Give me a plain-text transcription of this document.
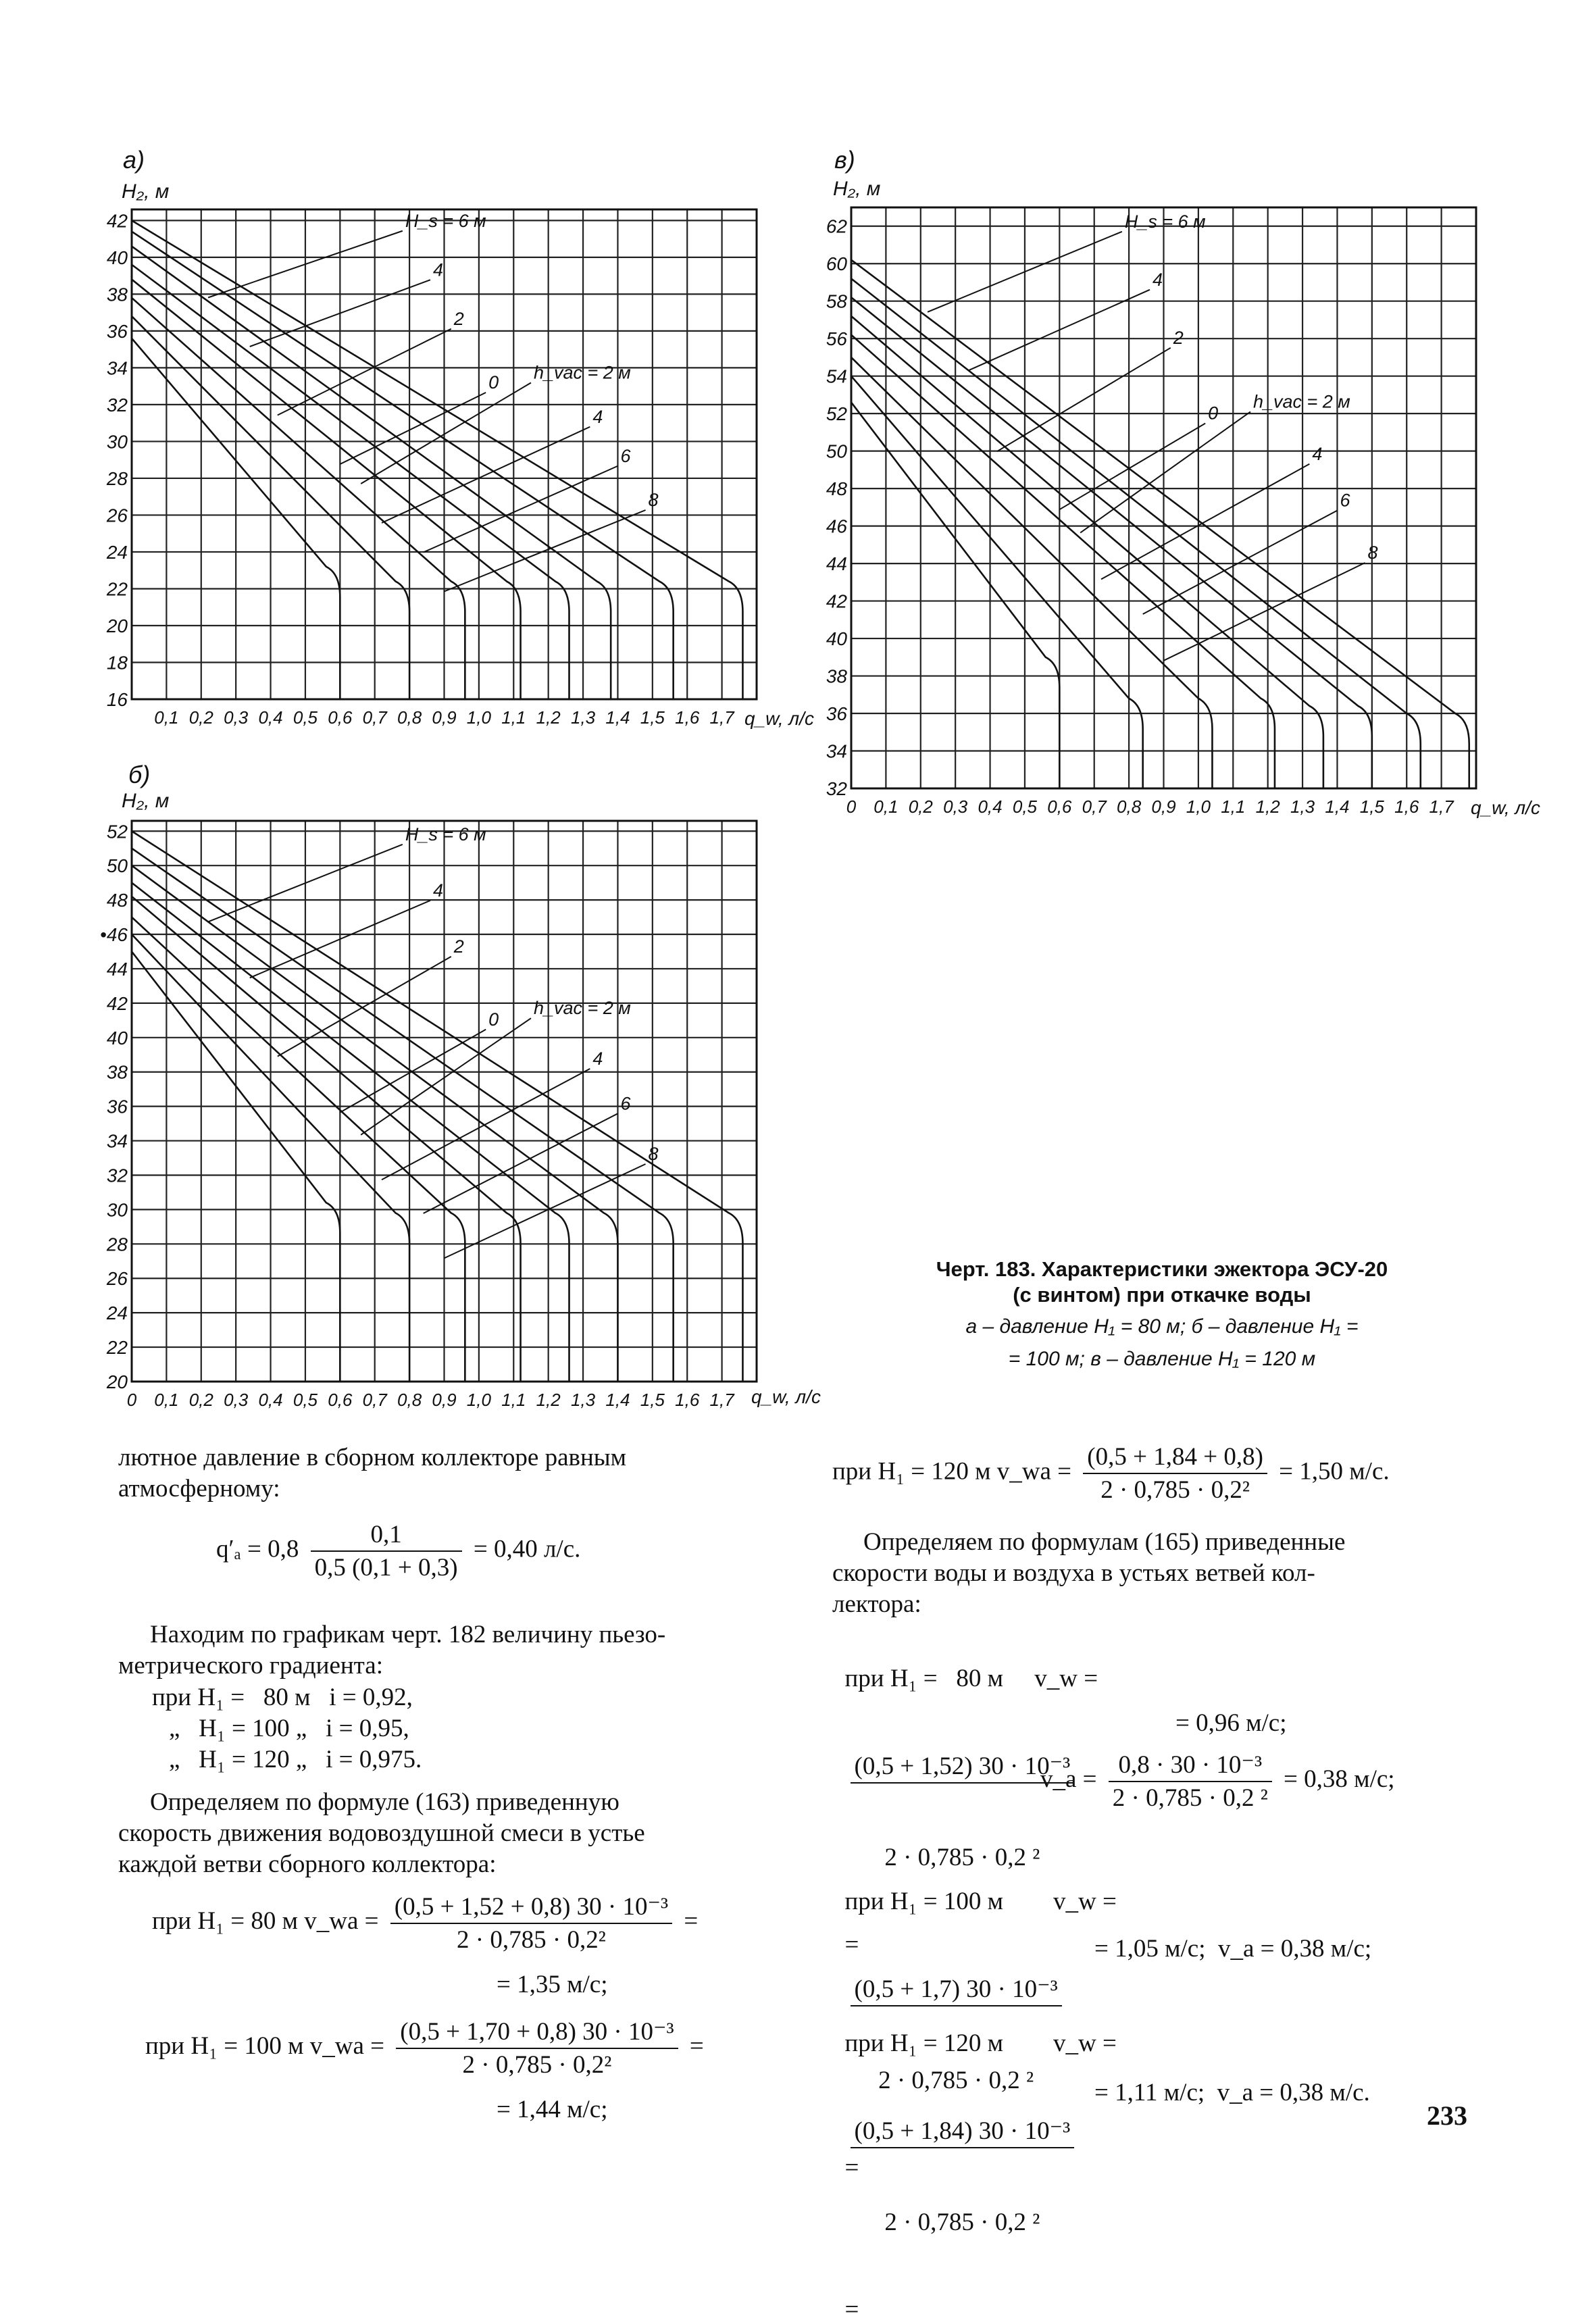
а)
H₂, м
q_w, л/с
16
18
20
22
24
26
28
30
32
34
36
38
40
42
0,1 0,2 0,3 0,4 0,5 0,6 0,7 0,8 0,9 1,0 1,1 1,2 1,3 1,4 1,5 1,6 1,7
H_s = 6 м
4
2
0 h_vac = 2 м
4
6
8
б)
H₂, м
q_w, л/с
20
22
24
26
28
30
32
34
36
38
40
42
44
•46
48
50
52
0 0,1 0,2 0,3 0,4 0,5 0,6 0,7 0,8 0,9 1,0 1,1 1,2 1,3 1,4 1,5 1,6 1,7
H_s = 6 м
4
2
0
h_vac = 2 м
4
6
8
в)
H₂, м
q_w, л/с
32
34
36
38
40
42
44
46
48
50
52
54
56
58
60
62
0 0,1 0,2 0,3 0,4 0,5 0,6 0,7 0,8 0,9 1,0 1,1 1,2 1,3 1,4 1,5 1,6 1,7
H_s = 6 м
4
2
0
h_vac = 2 м
4
6
8
Черт. 183. Характеристики эжектора ЭСУ-20
(с винтом) при откачке воды
а – давление H₁ = 80 м; б – давление H₁ =
= 100 м; в – давление H₁ = 120 м
лютное давление в сборном коллекторе равным
атмосферному:
$q'_a = 0,8 \frac{0,1}{0,5 (0,1 + 0,3)} = 0,40$ л/с.
Находим по графикам черт. 182 величину пьезо-
метрического градиента:
при H₁ =   80 м   i = 0,92,
„   H₁ = 100 „   i = 0,95,
„   H₁ = 120 „   i = 0,975.
Определяем по формуле (163) приведенную
скорость движения водовоздушной смеси в устье
каждой ветви сборного коллектора:
при H₁ = 80 м v_wa = $\frac{\text{(0,5 + 1,52 + 0,8) 30 · 10⁻³}}{\text{2 · 0,785 · 0,2²}}$ =
= 1,35 м/с;
при H₁ = 100 м v_wa = $\frac{\text{(0,5 + 1,70 + 0,8) 30 · 10⁻³}}{\text{2 · 0,785 · 0,2²}}$ =
= 1,44 м/с;
при H₁ = 120 м v_wa = $\frac{(0,5 + 1,84 + 0,8)}{\text{2 · 0,785 · 0,2²}} = 1,50$ м/с.
Определяем по формулам (165) приведенные
скорости воды и воздуха в устьях ветвей кол-
лектора:

при H₁ =   80 м     v_w =

$\frac{\text{(0,5 + 1,52) 30 · 10⁻³}}{\text{2 · 0,785 · 0,2 ²}}$

=

= 0,96 м/с;
v_a = $\frac{\text{0,8 · 30 · 10⁻³}}{\text{2 · 0,785 · 0,2 ²}} = 0,38$ м/с;

при H₁ = 100 м        v_w =

$\frac{\text{(0,5 + 1,7) 30 · 10⁻³}}{\text{2 · 0,785 · 0,2 ²}}$

=

= 1,05 м/с;  v_a = 0,38 м/с;

при H₁ = 120 м        v_w =

$\frac{\text{(0,5 + 1,84) 30 · 10⁻³}}{\text{2 · 0,785 · 0,2 ²}}$

=

= 1,11 м/с;  v_a = 0,38 м/с.
233
